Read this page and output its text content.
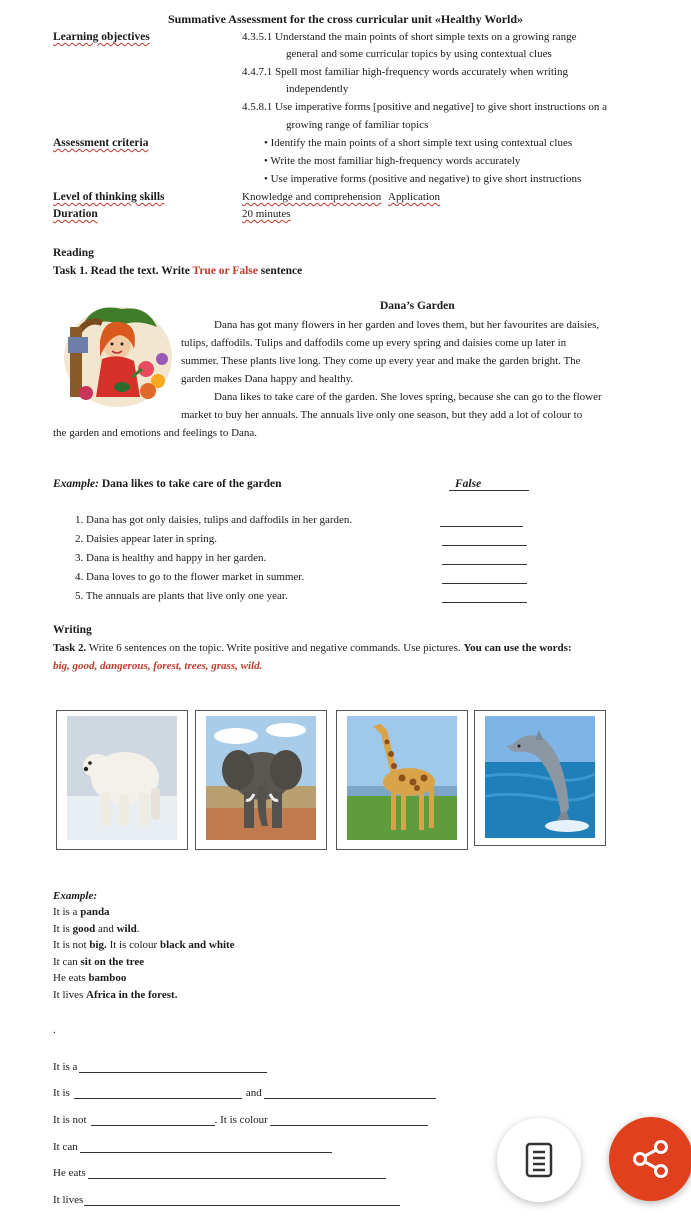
Summative Assessment for the cross curricular unit «Healthy World»
Learning objectives	4.3.5.1 Understand the main points of short simple texts on a growing range
general and some curricular topics by using contextual clues
4.4.7.1 Spell most familiar high-frequency words accurately when writing
independently
4.5.8.1 Use imperative forms [positive and negative] to give short instructions on a
growing range of familiar topics
Assessment criteria	• Identify the main points of a short simple text using contextual clues
• Write the most familiar high-frequency words accurately
• Use imperative forms (positive and negative) to give short instructions
Level of thinking skills	Knowledge and comprehension Application
Duration	20 minutes
Reading
Task 1. Read the text. Write True or False sentence
Dana’s Garden
Dana has got many flowers in her garden and loves them, but her favourites are daisies,
tulips, daffodils. Tulips and daffodils come up every spring and daisies come up later in
summer. These plants live long. They come up every year and make the garden bright. The
garden makes Dana happy and healthy.
Dana likes to take care of the garden. She loves spring, because she can go to the flower
market to buy her annuals. The annuals live only one season, but they add a lot of colour to
the garden and emotions and feelings to Dana.
Example: Dana likes to take care of the garden	False
1. Dana has got only daisies, tulips and daffodils in her garden.
2. Daisies appear later in spring.
3. Dana is healthy and happy in her garden.
4. Dana loves to go to the flower market in summer.
5. The annuals are plants that live only one year.
Writing
Task 2. Write 6 sentences on the topic. Write positive and negative commands. Use pictures. You can use the words:
big, good, dangerous, forest, trees, grass, wild.
Example:
It is a panda
It is good and wild.
It is not big. It is colour black and white
It can sit on the tree
He eats bamboo
It lives Africa in the forest.
.
It is a
It is	and
It is not	. It is colour
It can
He eats
It lives
